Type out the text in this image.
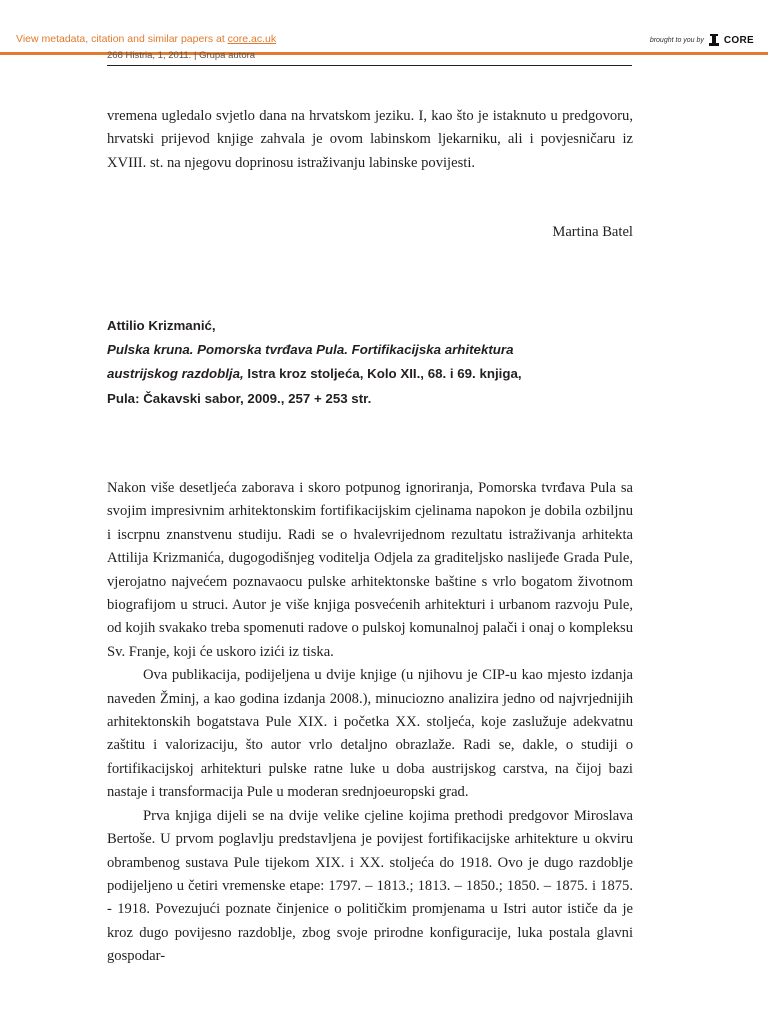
View metadata, citation and similar papers at core.ac.uk	brought to you by CORE
268 Histria, 1, 2011. | Grupa autora

vremena ugledalo svjetlo dana na hrvatskom jeziku. I, kao što je istaknuto u predgovoru, hrvatski prijevod knjige zahvala je ovom labinskom ljekarniku, ali i povjesničaru iz XVIII. st. na njegovu doprinosu istraživanju labinske povijesti.

Martina Batel
Attilio Krizmanić,
Pulska kruna. Pomorska tvrđava Pula. Fortifikacijska arhitektura
austrijskog razdoblja, Istra kroz stoljeća, Kolo XII., 68. i 69. knjiga,
Pula: Čakavski sabor, 2009., 257 + 253 str.

Nakon više desetljeća zaborava i skoro potpunog ignoriranja, Pomorska tvrđava Pula sa svojim impresivnim arhitektonskim fortifikacijskim cjelinama napokon je dobila ozbiljnu i iscrpnu znanstvenu studiju. Radi se o hvalevrijednom rezultatu istraživanja arhitekta Attilija Krizmanića, dugogodišnjeg voditelja Odjela za graditeljsko naslijeđe Grada Pule, vjerojatno najvećem poznavaocu pulske arhitektonske baštine s vrlo bogatom životnom biografijom u struci. Autor je više knjiga posvećenih arhitekturi i urbanom razvoju Pule, od kojih svakako treba spomenuti radove o pulskoj komunalnoj palači i onaj o kompleksu Sv. Franje, koji će uskoro izići iz tiska.

Ova publikacija, podijeljena u dvije knjige (u njihovu je CIP-u kao mjesto izdanja naveden Žminj, a kao godina izdanja 2008.), minuciozno analizira jedno od najvrjednijih arhitektonskih bogatstava Pule XIX. i početka XX. stoljeća, koje zaslužuje adekvatnu zaštitu i valorizaciju, što autor vrlo detaljno obrazlaže. Radi se, dakle, o studiji o fortifikacijskoj arhitekturi pulske ratne luke u doba austrijskog carstva, na čijoj bazi nastaje i transformacija Pule u moderan srednjoeuropski grad.

Prva knjiga dijeli se na dvije velike cjeline kojima prethodi predgovor Miroslava Bertoše. U prvom poglavlju predstavljena je povijest fortifikacijske arhitekture u okviru obrambenog sustava Pule tijekom XIX. i XX. stoljeća do 1918. Ovo je dugo razdoblje podijeljeno u četiri vremenske etape: 1797. – 1813.; 1813. – 1850.; 1850. – 1875. i 1875. - 1918. Povezujući poznate činjenice o političkim promjenama u Istri autor ističe da je kroz dugo povijesno razdoblje, zbog svoje prirodne konfiguracije, luka postala glavni gospodar-
